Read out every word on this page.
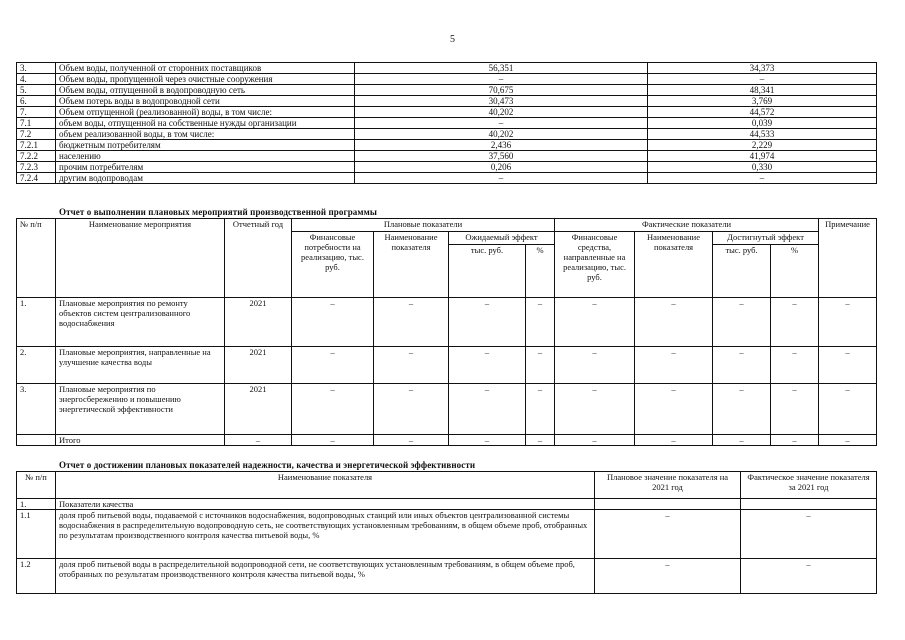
5
3.	Объем воды, полученной от сторонних поставщиков	56,351	34,373
4.	Объем воды, пропущенной через очистные сооружения	–	–
5.	Объем воды, отпущенной в водопроводную сеть	70,675	48,341
6.	Объем потерь воды в водопроводной сети	30,473	3,769
7.	Объем отпущенной (реализованной) воды, в том числе:	40,202	44,572
7.1	объем воды, отпущенной на собственные нужды организации	–	0,039
7.2	объем реализованной воды, в том числе:	40,202	44,533
7.2.1	бюджетным потребителям	2,436	2,229
7.2.2	населению	37,560	41,974
7.2.3	прочим потребителям	0,206	0,330
7.2.4	другим водопроводам	–	–
Отчет о выполнении плановых мероприятий производственной программы
№ п/п	Наименование мероприятия	Отчетный год	Плановые показатели				Фактические показатели				Примечание
			Финансовые потребности на реализацию, тыс. руб.	Наименование показателя	Ожидаемый эффект		Финансовые средства, направленные на реализацию, тыс. руб.	Наименование показателя	Достигнутый эффект		
					тыс. руб.	%			тыс. руб.	%	
1.	Плановые мероприятия по ремонту объектов систем централизованного водоснабжения	2021	–	–	–	–	–	–	–	–	–
2.	Плановые мероприятия, направленные на улучшение качества воды	2021	–	–	–	–	–	–	–	–	–
3.	Плановые мероприятия по энергосбережению и повышению энергетической эффективности	2021	–	–	–	–	–	–	–	–	–
	Итого	–	–	–	–	–	–	–	–	–	–
Отчет о достижении плановых показателей надежности, качества и энергетической эффективности
№ п/п	Наименование показателя	Плановое значение показателя на 2021 год	Фактическое значение показателя за 2021 год
1.	Показатели качества		
1.1	доля проб питьевой воды, подаваемой с источников водоснабжения, водопроводных станций или иных объектов централизованной системы водоснабжения в распределительную водопроводную сеть, не соответствующих установленным требованиям, в общем объеме проб, отобранных по результатам производственного контроля качества питьевой воды, %	–	–
1.2	доля проб питьевой воды в распределительной водопроводной сети, не соответствующих установленным требованиям, в общем объеме проб, отобранных по результатам производственного контроля качества питьевой воды, %	–	–
